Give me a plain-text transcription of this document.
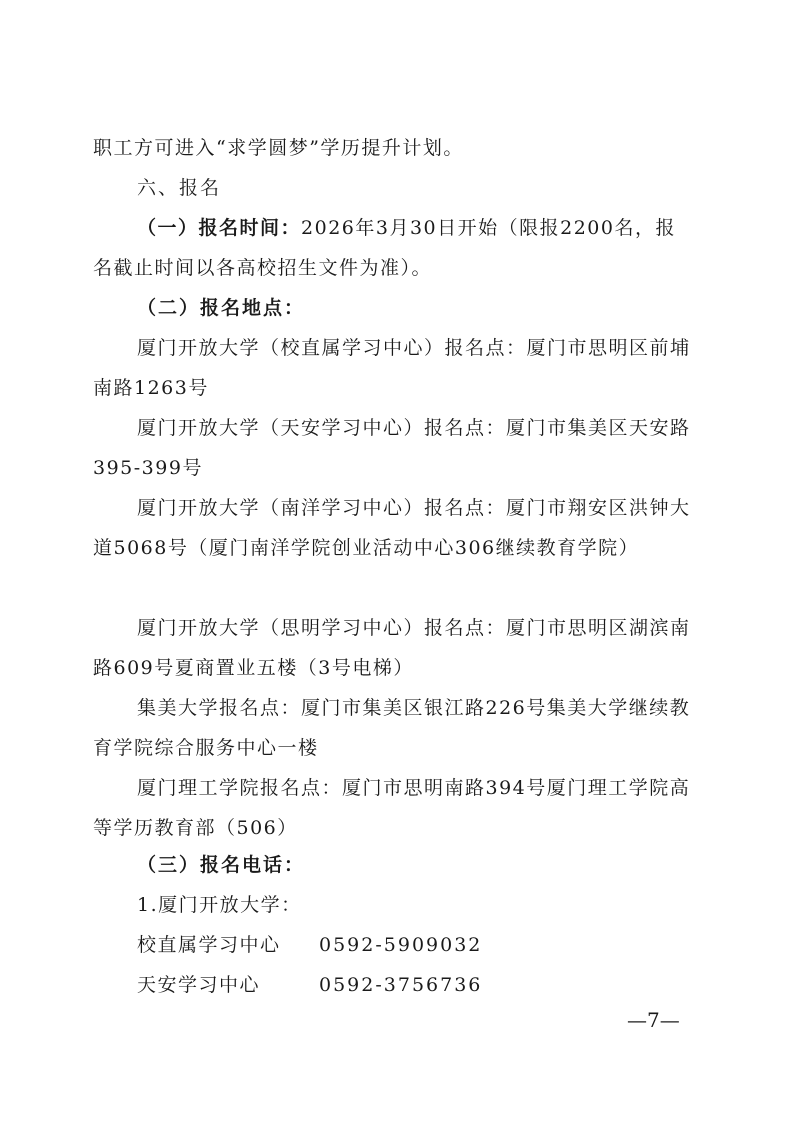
职工方可进入“求学圆梦”学历提升计划。

六、报名

（一）报名时间：2026年3月30日开始（限报2200名，报名截止时间以各高校招生文件为准）。

（二）报名地点：

厦门开放大学（校直属学习中心）报名点：厦门市思明区前埔南路1263号

厦门开放大学（天安学习中心）报名点：厦门市集美区天安路395-399号

厦门开放大学（南洋学习中心）报名点：厦门市翔安区洪钟大道5068号（厦门南洋学院创业活动中心306继续教育学院）

厦门开放大学（思明学习中心）报名点：厦门市思明区湖滨南路609号夏商置业五楼（3号电梯）

集美大学报名点：厦门市集美区银江路226号集美大学继续教育学院综合服务中心一楼

厦门理工学院报名点：厦门市思明南路394号厦门理工学院高等学历教育部（506）

（三）报名电话：
1.厦门开放大学：
校直属学习中心 0592-5909032
天安学习中心	0592-3756736
—7—
